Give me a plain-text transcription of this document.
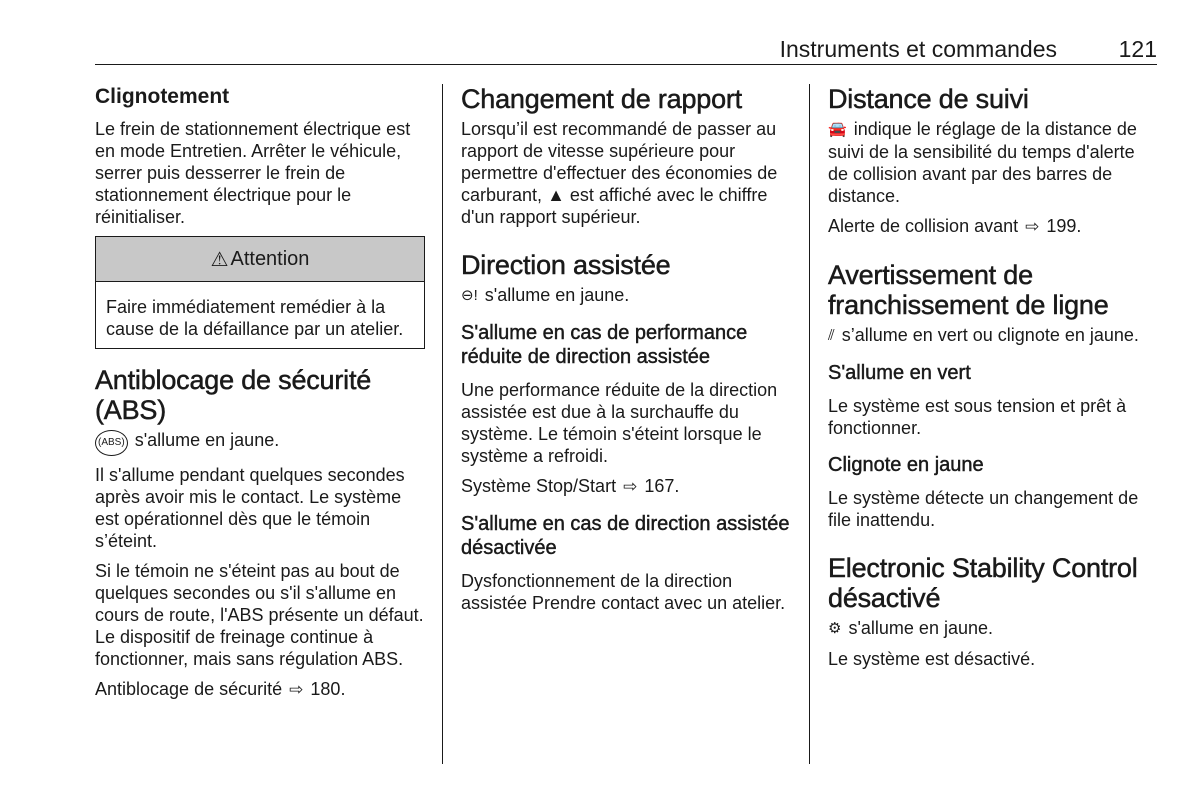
Instruments et commandes	121
Clignotement

Le frein de stationnement électrique est en mode Entretien. Arrêter le véhicule, serrer puis desserrer le frein de stationnement électrique pour le réinitialiser.

⚠ Attention
Faire immédiatement remédier à la cause de la défaillance par un atelier.
Antiblocage de sécurité (ABS)

(ABS) s'allume en jaune.

Il s'allume pendant quelques secondes après avoir mis le contact. Le système est opérationnel dès que le témoin s’éteint.

Si le témoin ne s'éteint pas au bout de quelques secondes ou s'il s'allume en cours de route, l'ABS présente un défaut. Le dispositif de freinage continue à fonctionner, mais sans régulation ABS.

Antiblocage de sécurité ⇨ 180.

Changement de rapport

Lorsqu’il est recommandé de passer au rapport de vitesse supérieure pour permettre d'effectuer des économies de carburant, ▲ est affiché avec le chiffre d'un rapport supérieur.

Direction assistée

⊖! s'allume en jaune.

S'allume en cas de performance réduite de direction assistée

Une performance réduite de la direction assistée est due à la surchauffe du système. Le témoin s'éteint lorsque le système a refroidi.

Système Stop/Start ⇨ 167.

S'allume en cas de direction assistée désactivée

Dysfonctionnement de la direction assistée Prendre contact avec un atelier.

Distance de suivi

🚘 indique le réglage de la distance de suivi de la sensibilité du temps d'alerte de collision avant par des barres de distance.

Alerte de collision avant ⇨ 199.

Avertissement de franchissement de ligne

⫽ s’allume en vert ou clignote en jaune.

S'allume en vert

Le système est sous tension et prêt à fonctionner.

Clignote en jaune

Le système détecte un changement de file inattendu.

Electronic Stability Control désactivé

⚙ s'allume en jaune.

Le système est désactivé.
